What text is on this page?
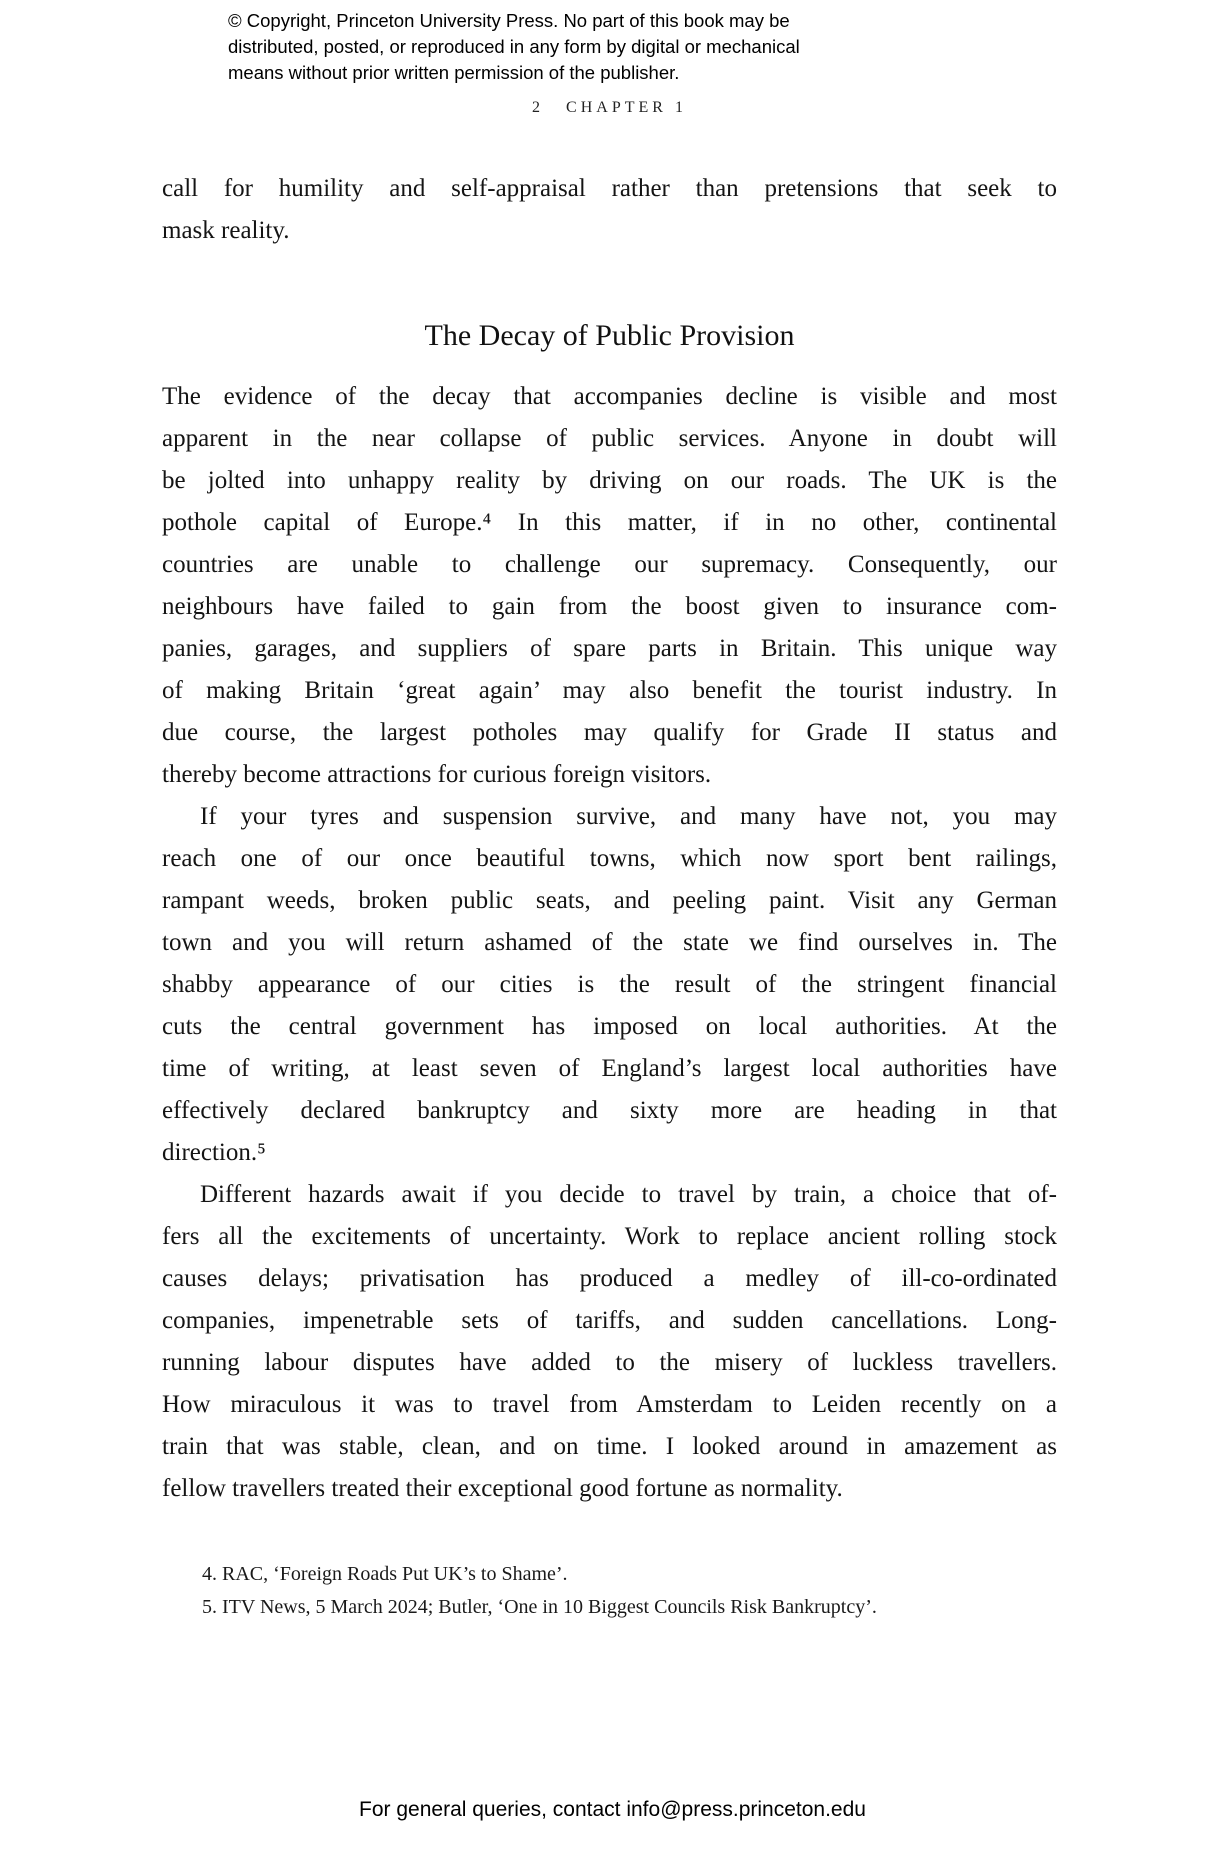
© Copyright, Princeton University Press. No part of this book may be
distributed, posted, or reproduced in any form by digital or mechanical
means without prior written permission of the publisher.
2 CHAPTER 1
call for humility and self-appraisal rather than pretensions that seek to
mask reality.
The Decay of Public Provision
The evidence of the decay that accompanies decline is visible and most
apparent in the near collapse of public services. Anyone in doubt will
be jolted into unhappy reality by driving on our roads. The UK is the
pothole capital of Europe.⁴ In this matter, if in no other, continental
countries are unable to challenge our supremacy. Consequently, our
neighbours have failed to gain from the boost given to insurance com-
panies, garages, and suppliers of spare parts in Britain. This unique way
of making Britain ‘great again’ may also benefit the tourist industry. In
due course, the largest potholes may qualify for Grade II status and
thereby become attractions for curious foreign visitors.
If your tyres and suspension survive, and many have not, you may
reach one of our once beautiful towns, which now sport bent railings,
rampant weeds, broken public seats, and peeling paint. Visit any German
town and you will return ashamed of the state we find ourselves in. The
shabby appearance of our cities is the result of the stringent financial
cuts the central government has imposed on local authorities. At the
time of writing, at least seven of England’s largest local authorities have
effectively declared bankruptcy and sixty more are heading in that
direction.⁵
Different hazards await if you decide to travel by train, a choice that of-
fers all the excitements of uncertainty. Work to replace ancient rolling stock
causes delays; privatisation has produced a medley of ill-co-ordinated
companies, impenetrable sets of tariffs, and sudden cancellations. Long-
running labour disputes have added to the misery of luckless travellers.
How miraculous it was to travel from Amsterdam to Leiden recently on a
train that was stable, clean, and on time. I looked around in amazement as
fellow travellers treated their exceptional good fortune as normality.
4. RAC, ‘Foreign Roads Put UK’s to Shame’.
5. ITV News, 5 March 2024; Butler, ‘One in 10 Biggest Councils Risk Bankruptcy’.
For general queries, contact info@press.princeton.edu
